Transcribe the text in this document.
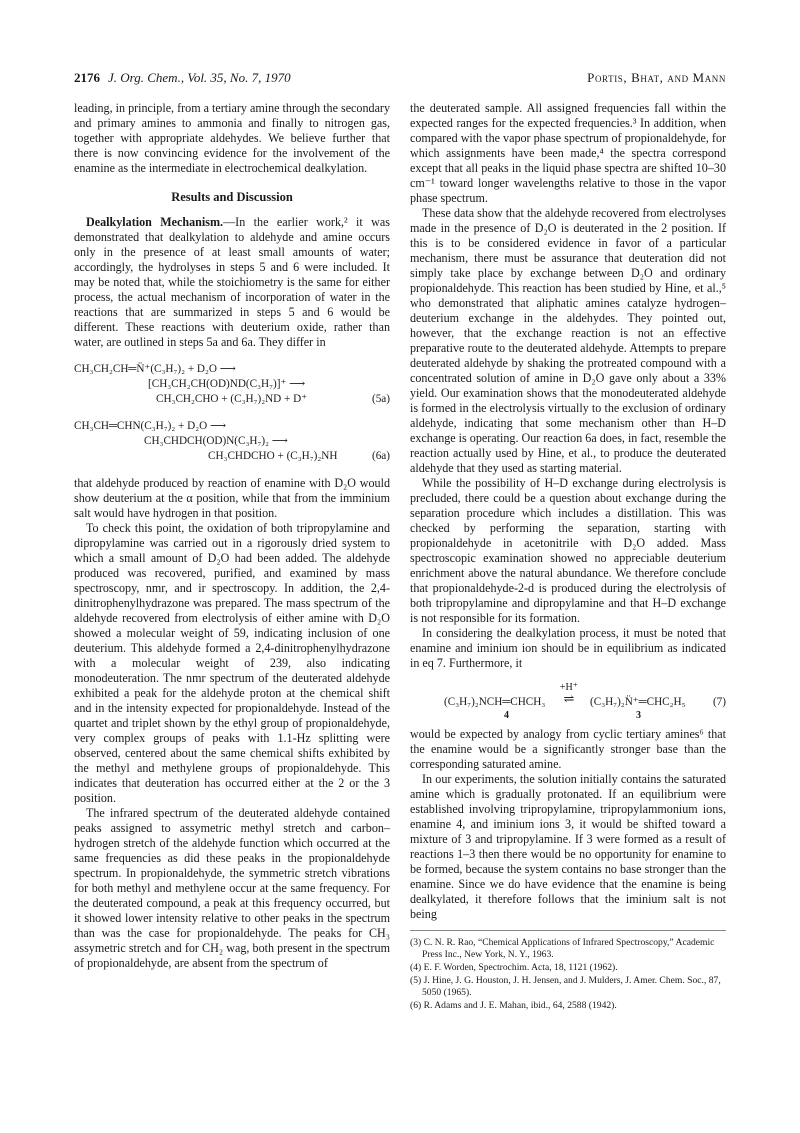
2176 J. Org. Chem., Vol. 35, No. 7, 1970	Portis, Bhat, and Mann

leading, in principle, from a tertiary amine through the secondary and primary amines to ammonia and finally to nitrogen gas, together with appropriate aldehydes. We believe further that there is now convincing evidence for the involvement of the enamine as the intermediate in electrochemical dealkylation.

Results and Discussion

Dealkylation Mechanism.—In the earlier work,² it was demonstrated that dealkylation to aldehyde and amine occurs only in the presence of at least small amounts of water; accordingly, the hydrolyses in steps 5 and 6 were included. It may be noted that, while the stoichiometry is the same for either process, the actual mechanism of incorporation of water in the reactions that are summarized in steps 5 and 6 would be different. These reactions with deuterium oxide, rather than water, are outlined in steps 5a and 6a. They differ in

CH₃CH₂CH═N̈⁺(C₃H₇)₂ + D₂O ⟶
[CH₃CH₂CH(OD)ND(C₃H₇)]⁺ ⟶
CH₃CH₂CHO + (C₃H₇)₂ND + D⁺	(5a)
CH₃CH═CHN(C₃H₇)₂ + D₂O ⟶
CH₃CHDCH(OD)N(C₃H₇)₂ ⟶
CH₃CHDCHO + (C₃H₇)₂NH	(6a)

that aldehyde produced by reaction of enamine with D₂O would show deuterium at the α position, while that from the imminium salt would have hydrogen in that position.

To check this point, the oxidation of both tripropylamine and dipropylamine was carried out in a rigorously dried system to which a small amount of D₂O had been added. The aldehyde produced was recovered, purified, and examined by mass spectroscopy, nmr, and ir spectroscopy. In addition, the 2,4-dinitrophenylhydrazone was prepared. The mass spectrum of the aldehyde recovered from electrolysis of either amine with D₂O showed a molecular weight of 59, indicating inclusion of one deuterium. This aldehyde formed a 2,4-dinitrophenylhydrazone with a molecular weight of 239, also indicating monodeuteration. The nmr spectrum of the deuterated aldehyde exhibited a peak for the aldehyde proton at the chemical shift and in the intensity expected for propionaldehyde. Instead of the quartet and triplet shown by the ethyl group of propionaldehyde, very complex groups of peaks with 1.1-Hz splitting were observed, centered about the same chemical shifts exhibited by the methyl and methylene groups of propionaldehyde. This indicates that deuteration has occurred either at the 2 or the 3 position.

The infrared spectrum of the deuterated aldehyde contained peaks assigned to assymetric methyl stretch and carbon–hydrogen stretch of the aldehyde function which occurred at the same frequencies as did these peaks in the propionaldehyde spectrum. In propionaldehyde, the symmetric stretch vibrations for both methyl and methylene occur at the same frequency. For the deuterated compound, a peak at this frequency occurred, but it showed lower intensity relative to other peaks in the spectrum than was the case for propionaldehyde. The peaks for CH₃ assymetric stretch and for CH₂ wag, both present in the spectrum of propionaldehyde, are absent from the spectrum of

the deuterated sample. All assigned frequencies fall within the expected ranges for the expected frequencies.³ In addition, when compared with the vapor phase spectrum of propionaldehyde, for which assignments have been made,⁴ the spectra correspond except that all peaks in the liquid phase spectra are shifted 10–30 cm⁻¹ toward longer wavelengths relative to those in the vapor phase spectrum.

These data show that the aldehyde recovered from electrolyses made in the presence of D₂O is deuterated in the 2 position. If this is to be considered evidence in favor of a particular mechanism, there must be assurance that deuteration did not simply take place by exchange between D₂O and ordinary propionaldehyde. This reaction has been studied by Hine, et al.,⁵ who demonstrated that aliphatic amines catalyze hydrogen–deuterium exchange in the aldehydes. They pointed out, however, that the exchange reaction is not an effective preparative route to the deuterated aldehyde. Attempts to prepare deuterated aldehyde by shaking the protreated compound with a concentrated solution of amine in D₂O gave only about a 33% yield. Our examination shows that the monodeuterated aldehyde is formed in the electrolysis virtually to the exclusion of ordinary aldehyde, indicating that some mechanism other than H–D exchange is operating. Our reaction 6a does, in fact, resemble the reaction actually used by Hine, et al., to produce the deuterated aldehyde that they used as starting material.

While the possibility of H–D exchange during electrolysis is precluded, there could be a question about exchange during the separation procedure which includes a distillation. This was checked by performing the separation, starting with propionaldehyde in acetonitrile with D₂O added. Mass spectroscopic examination showed no appreciable deuterium enrichment above the natural abundance. We therefore conclude that propionaldehyde-2-d is produced during the electrolysis of both tripropylamine and dipropylamine and that H–D exchange is not responsible for its formation.

In considering the dealkylation process, it must be noted that enamine and iminium ion should be in equilibrium as indicated in eq 7. Furthermore, it

(C₃H₇)₂NCH═CHCH₃
+H⁺
⇌	(C₃H₇)₂N̈⁺═CHC₂H₅
4	3
(7)

would be expected by analogy from cyclic tertiary amines⁶ that the enamine would be a significantly stronger base than the corresponding saturated amine.

In our experiments, the solution initially contains the saturated amine which is gradually protonated. If an equilibrium were established involving tripropylamine, tripropylammonium ions, enamine 4, and iminium ions 3, it would be shifted toward a mixture of 3 and tripropylamine. If 3 were formed as a result of reactions 1–3 then there would be no opportunity for enamine to be formed, because the system contains no base stronger than the enamine. Since we do have evidence that the enamine is being dealkylated, it therefore follows that the iminium salt is not being

(3) C. N. R. Rao, “Chemical Applications of Infrared Spectroscopy,” Academic Press Inc., New York, N. Y., 1963.
(4) E. F. Worden, Spectrochim. Acta, 18, 1121 (1962).
(5) J. Hine, J. G. Houston, J. H. Jensen, and J. Mulders, J. Amer. Chem. Soc., 87, 5050 (1965).
(6) R. Adams and J. E. Mahan, ibid., 64, 2588 (1942).
